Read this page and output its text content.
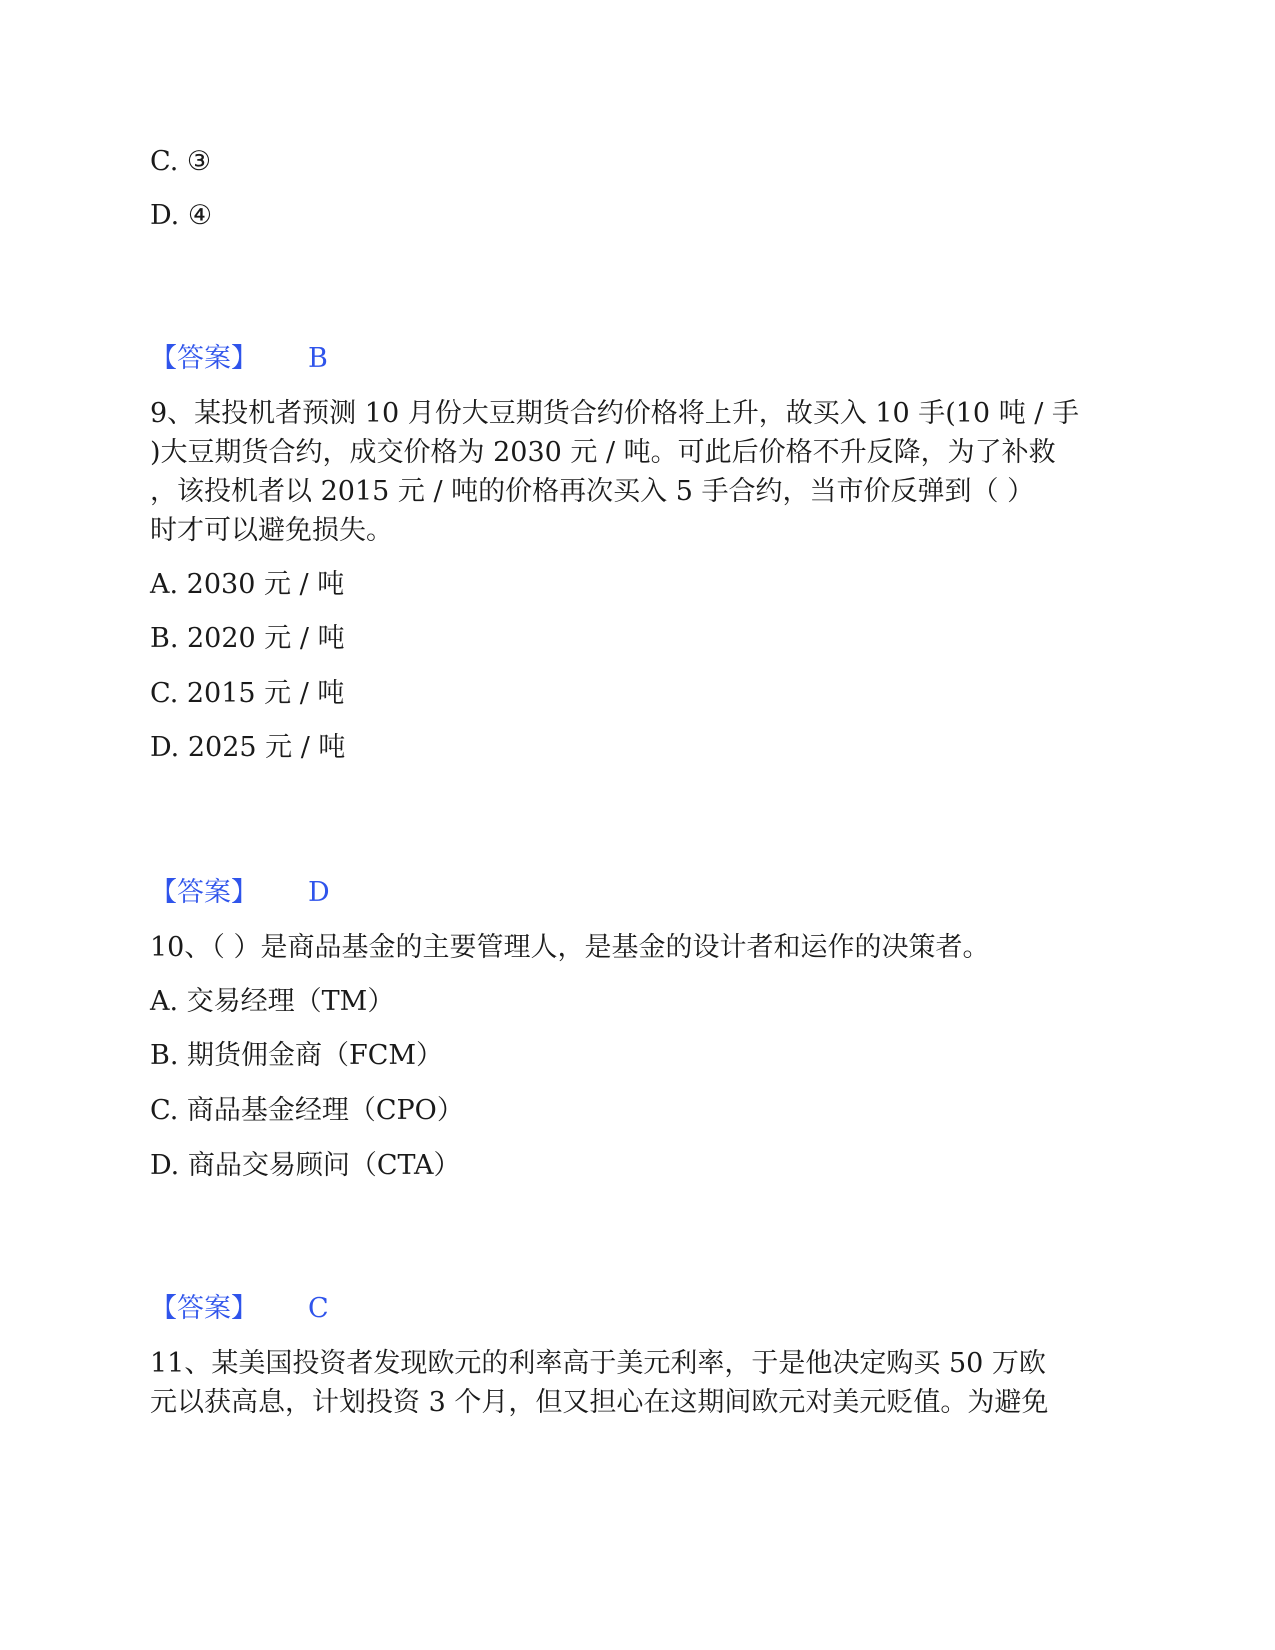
C. ③
D. ④
【答案】 B
9、某投机者预测 10 月份大豆期货合约价格将上升，故买入 10 手(10 吨 / 手
)大豆期货合约，成交价格为 2030 元 / 吨。可此后价格不升反降，为了补救
，该投机者以 2015 元 / 吨的价格再次买入 5 手合约，当市价反弹到（ ）
时才可以避免损失。
A. 2030 元 / 吨
B. 2020 元 / 吨
C. 2015 元 / 吨
D. 2025 元 / 吨
【答案】 D
10、（ ）是商品基金的主要管理人，是基金的设计者和运作的决策者。
A. 交易经理（TM）
B. 期货佣金商（FCM）
C. 商品基金经理（CPO）
D. 商品交易顾问（CTA）
【答案】 C
11、某美国投资者发现欧元的利率高于美元利率，于是他决定购买 50 万欧
元以获高息，计划投资 3 个月，但又担心在这期间欧元对美元贬值。为避免
